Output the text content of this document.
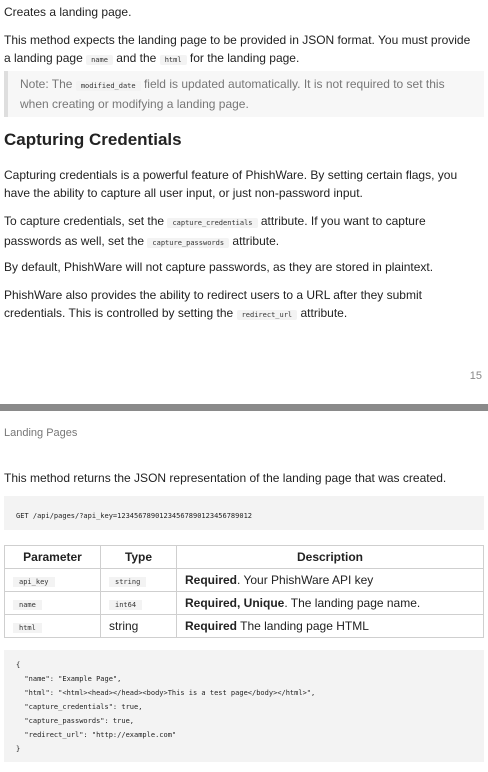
Creates a landing page.
This method expects the landing page to be provided in JSON format. You must provide a landing page name and the html for the landing page.
Note: The modified_date field is updated automatically. It is not required to set this when creating or modifying a landing page.
Capturing Credentials
Capturing credentials is a powerful feature of PhishWare. By setting certain flags, you have the ability to capture all user input, or just non-password input.
To capture credentials, set the capture_credentials attribute. If you want to capture passwords as well, set the capture_passwords attribute.
By default, PhishWare will not capture passwords, as they are stored in plaintext.
PhishWare also provides the ability to redirect users to a URL after they submit credentials. This is controlled by setting the redirect_url attribute.
15
Landing Pages
This method returns the JSON representation of the landing page that was created.
GET /api/pages/?api_key=12345678901234567890123456789012
Parameter	Type	Description
api_key	string	Required. Your PhishWare API key
name	int64	Required, Unique. The landing page name.
html	string	Required The landing page HTML
{
"name": "Example Page",
"html": "<html><head></head><body>This is a test page</body></html>",
"capture_credentials": true,
"capture_passwords": true,
"redirect_url": "http://example.com"
}
